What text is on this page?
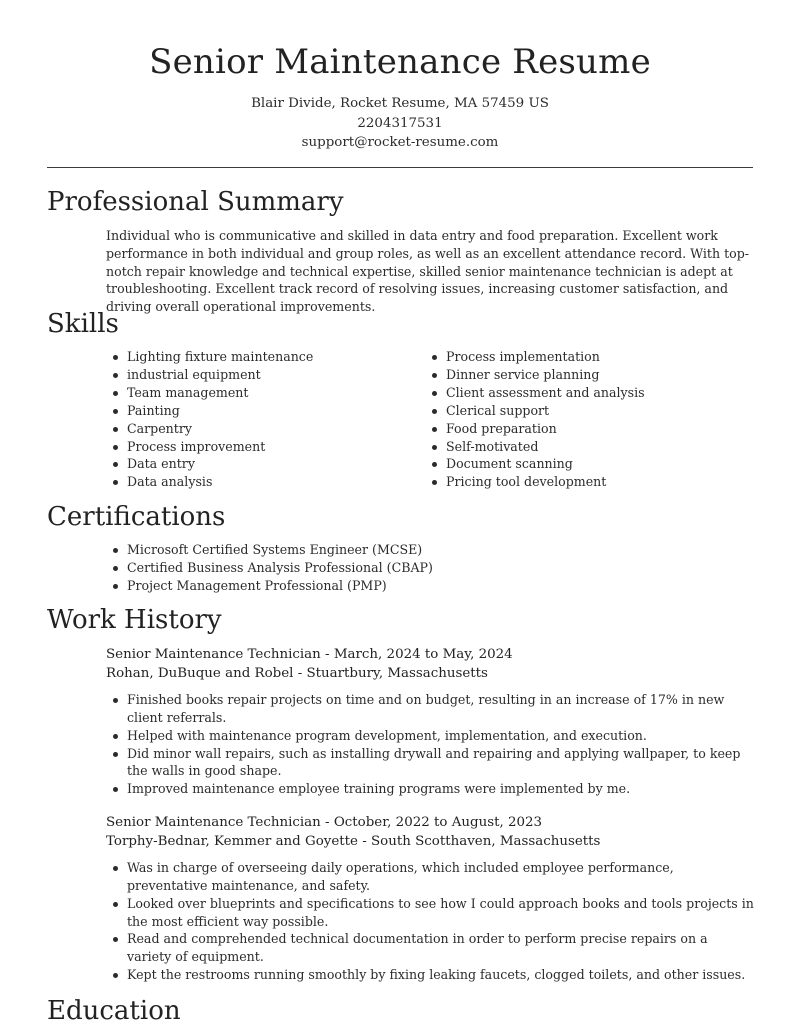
Senior Maintenance Resume
Blair Divide, Rocket Resume, MA 57459 US
2204317531
support@rocket-resume.com
Professional Summary

Individual who is communicative and skilled in data entry and food preparation. Excellent work performance in both individual and group roles, as well as an excellent attendance record. With top-notch repair knowledge and technical expertise, skilled senior maintenance technician is adept at troubleshooting. Excellent track record of resolving issues, increasing customer satisfaction, and driving overall operational improvements.

Skills
Lighting fixture maintenance
industrial equipment
Team management
Painting
Carpentry
Process improvement
Data entry
Data analysis
Process implementation
Dinner service planning
Client assessment and analysis
Clerical support
Food preparation
Self-motivated
Document scanning
Pricing tool development
Certifications
Microsoft Certified Systems Engineer (MCSE)
Certified Business Analysis Professional (CBAP)
Project Management Professional (PMP)
Work History
Senior Maintenance Technician - March, 2024 to May, 2024
Rohan, DuBuque and Robel - Stuartbury, Massachusetts
Finished books repair projects on time and on budget, resulting in an increase of 17% in new client referrals.
Helped with maintenance program development, implementation, and execution.
Did minor wall repairs, such as installing drywall and repairing and applying wallpaper, to keep the walls in good shape.
Improved maintenance employee training programs were implemented by me.
Senior Maintenance Technician - October, 2022 to August, 2023
Torphy-Bednar, Kemmer and Goyette - South Scotthaven, Massachusetts
Was in charge of overseeing daily operations, which included employee performance, preventative maintenance, and safety.
Looked over blueprints and specifications to see how I could approach books and tools projects in the most efficient way possible.
Read and comprehended technical documentation in order to perform precise repairs on a variety of equipment.
Kept the restrooms running smoothly by fixing leaking faucets, clogged toilets, and other issues.
Education
